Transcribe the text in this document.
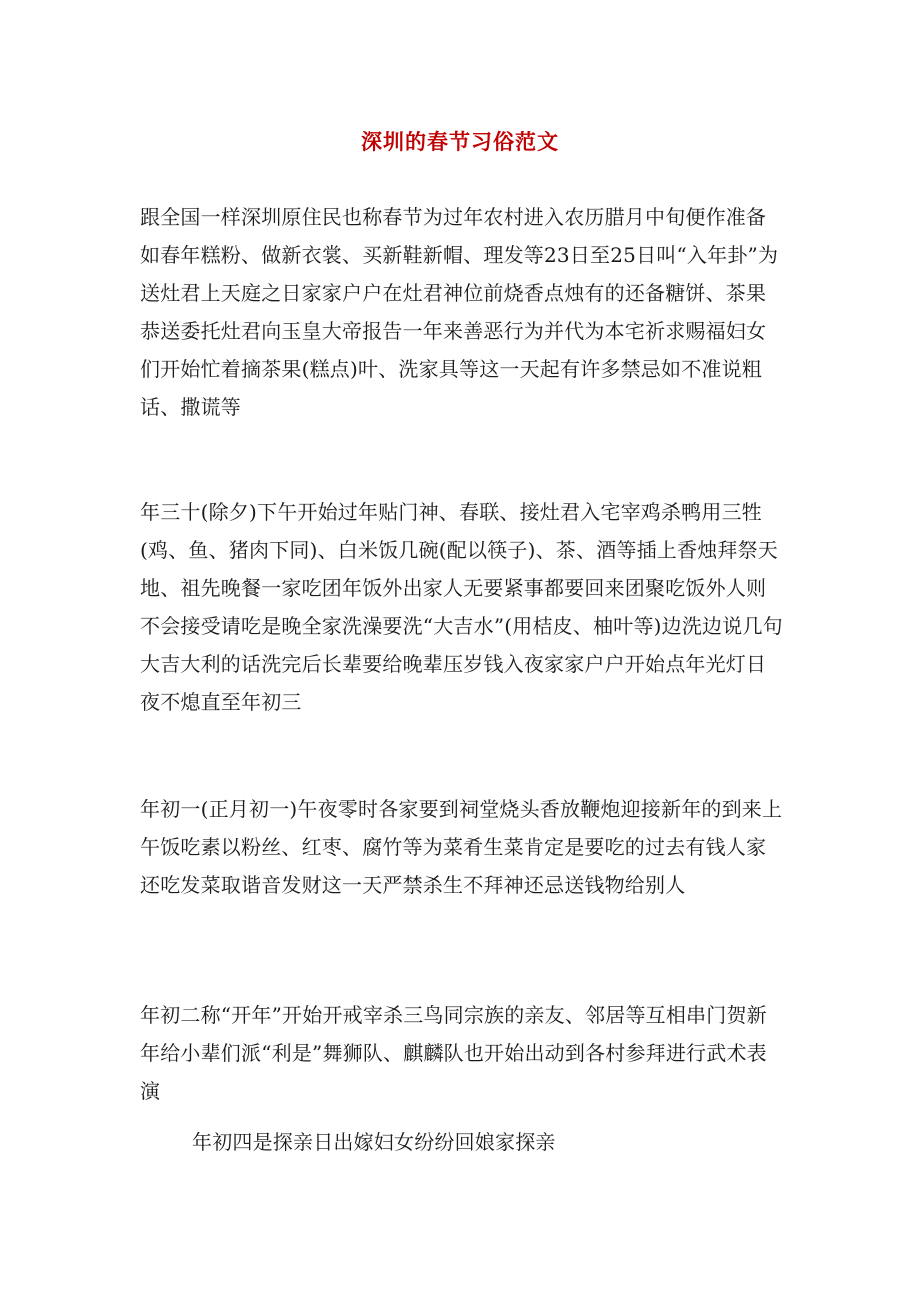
深圳的春节习俗范文

跟全国一样深圳原住民也称春节为过年农村进入农历腊月中旬便作准备如春年糕粉、做新衣裳、买新鞋新帽、理发等23日至25日叫“入年卦”为送灶君上天庭之日家家户户在灶君神位前烧香点烛有的还备糖饼、茶果恭送委托灶君向玉皇大帝报告一年来善恶行为并代为本宅祈求赐福妇女们开始忙着摘茶果(糕点)叶、洗家具等这一天起有许多禁忌如不准说粗话、撒谎等

年三十(除夕)下午开始过年贴门神、春联、接灶君入宅宰鸡杀鸭用三牲(鸡、鱼、猪肉下同)、白米饭几碗(配以筷子)、茶、酒等插上香烛拜祭天地、祖先晚餐一家吃团年饭外出家人无要紧事都要回来团聚吃饭外人则不会接受请吃是晚全家洗澡要洗“大吉水”(用桔皮、柚叶等)边洗边说几句大吉大利的话洗完后长辈要给晚辈压岁钱入夜家家户户开始点年光灯日夜不熄直至年初三

年初一(正月初一)午夜零时各家要到祠堂烧头香放鞭炮迎接新年的到来上午饭吃素以粉丝、红枣、腐竹等为菜肴生菜肯定是要吃的过去有钱人家还吃发菜取谐音发财这一天严禁杀生不拜神还忌送钱物给别人

年初二称“开年”开始开戒宰杀三鸟同宗族的亲友、邻居等互相串门贺新年给小辈们派“利是”舞狮队、麒麟队也开始出动到各村参拜进行武术表演

年初四是探亲日出嫁妇女纷纷回娘家探亲
